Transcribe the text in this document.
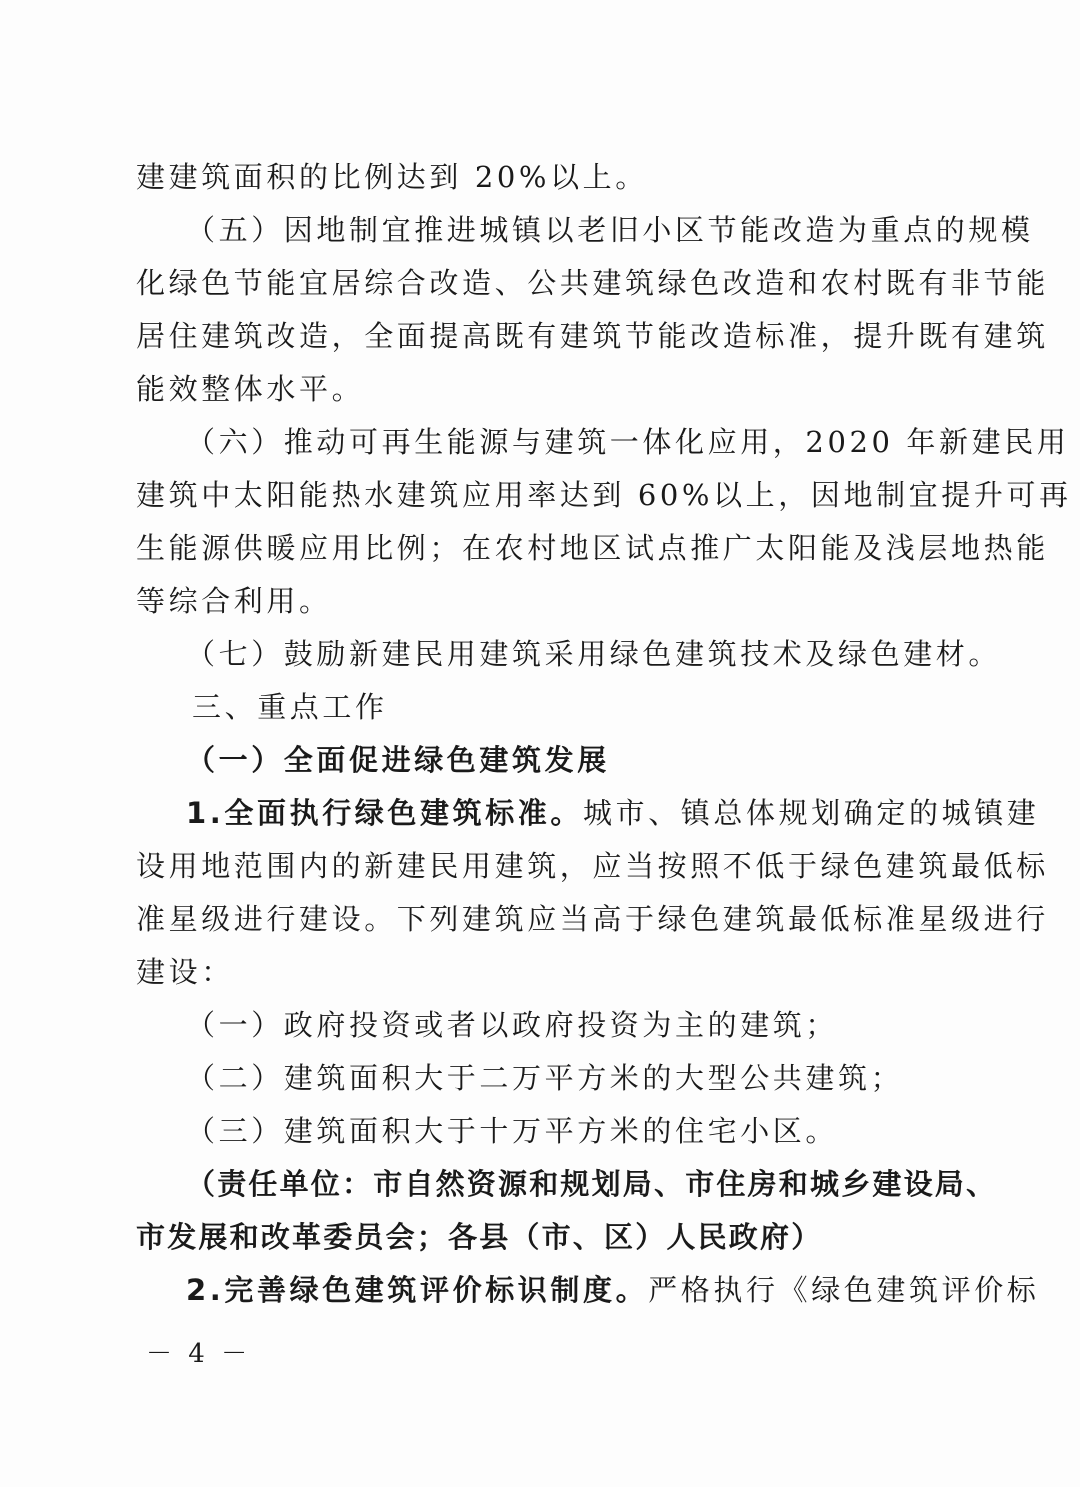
建建筑面积的比例达到 20%以上。
（五）因地制宜推进城镇以老旧小区节能改造为重点的规模
化绿色节能宜居综合改造、公共建筑绿色改造和农村既有非节能
居住建筑改造，全面提高既有建筑节能改造标准，提升既有建筑
能效整体水平。
（六）推动可再生能源与建筑一体化应用，2020 年新建民用
建筑中太阳能热水建筑应用率达到 60%以上，因地制宜提升可再
生能源供暖应用比例；在农村地区试点推广太阳能及浅层地热能
等综合利用。
（七）鼓励新建民用建筑采用绿色建筑技术及绿色建材。
三、重点工作
（一）全面促进绿色建筑发展
1.全面执行绿色建筑标准。城市、镇总体规划确定的城镇建
设用地范围内的新建民用建筑，应当按照不低于绿色建筑最低标
准星级进行建设。下列建筑应当高于绿色建筑最低标准星级进行
建设：
（一）政府投资或者以政府投资为主的建筑；
（二）建筑面积大于二万平方米的大型公共建筑；
（三）建筑面积大于十万平方米的住宅小区。
（责任单位：市自然资源和规划局、市住房和城乡建设局、
市发展和改革委员会；各县（市、区）人民政府）
2.完善绿色建筑评价标识制度。严格执行《绿色建筑评价标
－ 4 －
